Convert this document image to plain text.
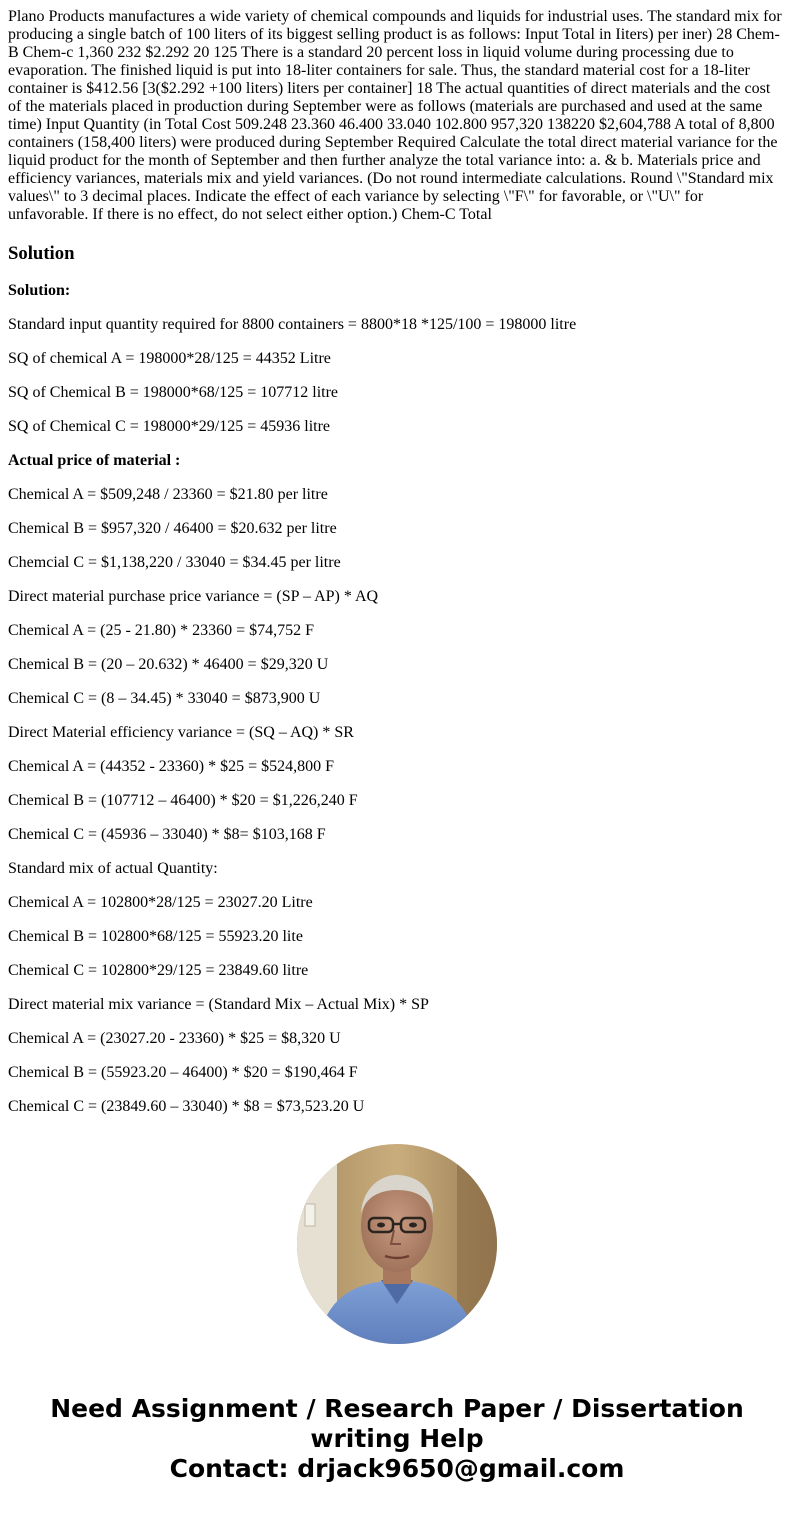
Plano Products manufactures a wide variety of chemical compounds and liquids for industrial uses. The standard mix for producing a single batch of 100 liters of its biggest selling product is as follows: Input Total in Iiters) per iner) 28 Chem-B Chem-c 1,360 232 $2.292 20 125 There is a standard 20 percent loss in liquid volume during processing due to evaporation. The finished liquid is put into 18-liter containers for sale. Thus, the standard material cost for a 18-liter container is $412.56 [3($2.292 +100 liters) liters per container] 18 The actual quantities of direct materials and the cost of the materials placed in production during September were as follows (materials are purchased and used at the same time) Input Quantity (in Total Cost 509.248 23.360 46.400 33.040 102.800 957,320 138220 $2,604,788 A total of 8,800 containers (158,400 liters) were produced during September Required Calculate the total direct material variance for the liquid product for the month of September and then further analyze the total variance into: a. & b. Materials price and efficiency variances, materials mix and yield variances. (Do not round intermediate calculations. Round \"Standard mix values\" to 3 decimal places. Indicate the effect of each variance by selecting \"F\" for favorable, or \"U\" for unfavorable. If there is no effect, do not select either option.) Chem-C Total
Solution
Solution:
Standard input quantity required for 8800 containers = 8800*18 *125/100 = 198000 litre
SQ of chemical A = 198000*28/125 = 44352 Litre
SQ of Chemical B = 198000*68/125 = 107712 litre
SQ of Chemical C = 198000*29/125 = 45936 litre
Actual price of material :
Chemical A = $509,248 / 23360 = $21.80 per litre
Chemical B = $957,320 / 46400 = $20.632 per litre
Chemcial C = $1,138,220 / 33040 = $34.45 per litre
Direct material purchase price variance = (SP – AP) * AQ
Chemical A = (25 - 21.80) * 23360 = $74,752 F
Chemical B = (20 – 20.632) * 46400 = $29,320 U
Chemical C = (8 – 34.45) * 33040 = $873,900 U
Direct Material efficiency variance = (SQ – AQ) * SR
Chemical A = (44352 - 23360) * $25 = $524,800 F
Chemical B = (107712 – 46400) * $20 = $1,226,240 F
Chemical C = (45936 – 33040) * $8= $103,168 F
Standard mix of actual Quantity:
Chemical A = 102800*28/125 = 23027.20 Litre
Chemical B = 102800*68/125 = 55923.20 lite
Chemical C = 102800*29/125 = 23849.60 litre
Direct material mix variance = (Standard Mix – Actual Mix) * SP
Chemical A = (23027.20 - 23360) * $25 = $8,320 U
Chemical B = (55923.20 – 46400) * $20 = $190,464 F
Chemical C = (23849.60 – 33040) * $8 = $73,523.20 U
Need Assignment / Research Paper / Dissertation
writing Help
Contact: drjack9650@gmail.com
